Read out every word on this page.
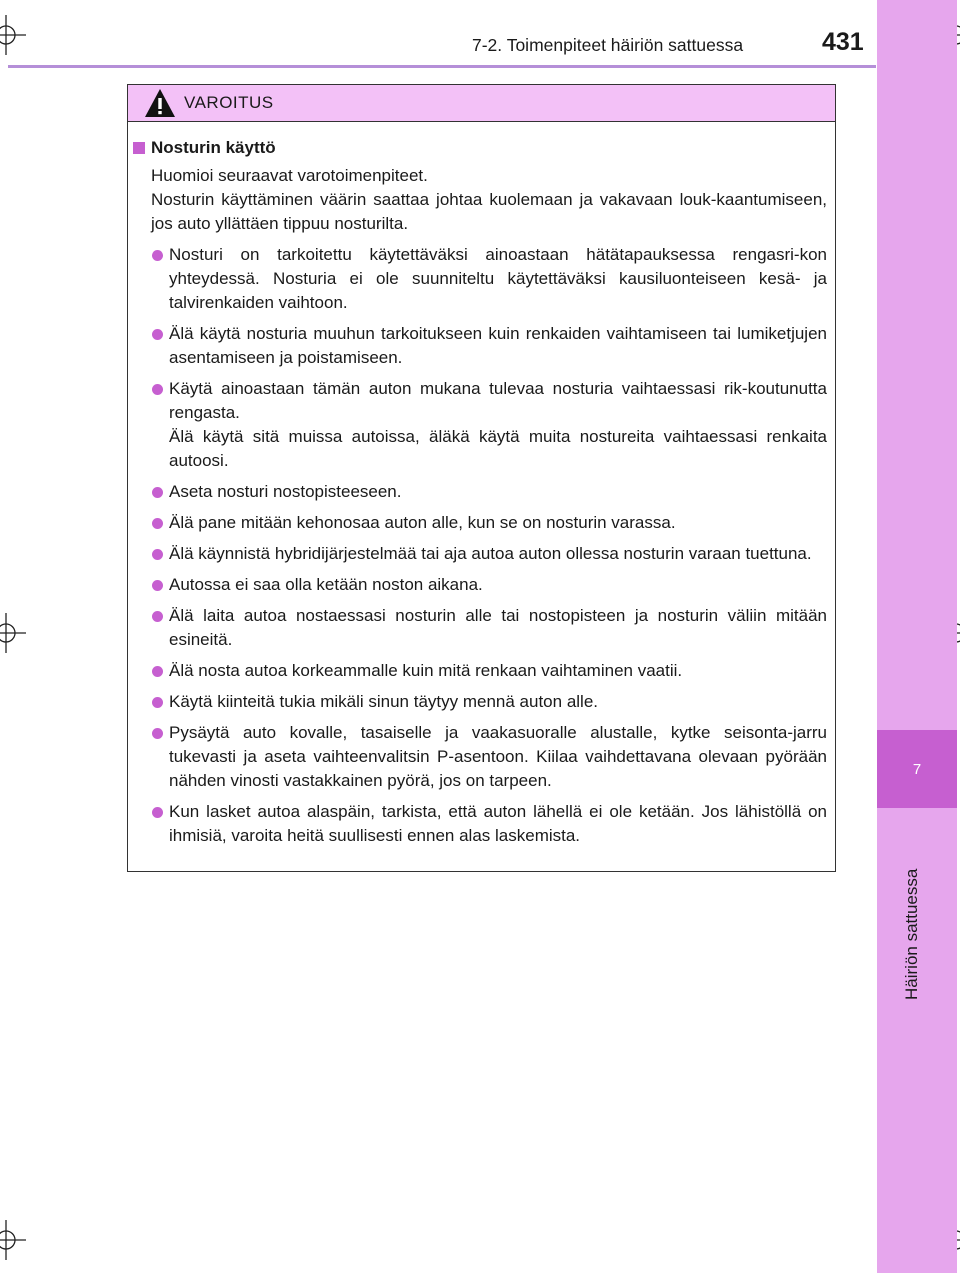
7
Häiriön sattuessa
7-2. Toimenpiteet häiriön sattuessa	431
VAROITUS
Nosturin käyttö

Huomioi seuraavat varotoimenpiteet.

Nosturin käyttäminen väärin saattaa johtaa kuolemaan ja vakavaan louk-kaantumiseen, jos auto yllättäen tippuu nosturilta.

Nosturi on tarkoitettu käytettäväksi ainoastaan hätätapauksessa rengasri-kon yhteydessä. Nosturia ei ole suunniteltu käytettäväksi kausiluonteiseen kesä- ja talvirenkaiden vaihtoon.

Älä käytä nosturia muuhun tarkoitukseen kuin renkaiden vaihtamiseen tai lumiketjujen asentamiseen ja poistamiseen.

Käytä ainoastaan tämän auton mukana tulevaa nosturia vaihtaessasi rik-koutunutta rengasta.

Älä käytä sitä muissa autoissa, äläkä käytä muita nostureita vaihtaessasi renkaita autoosi.

Aseta nosturi nostopisteeseen.

Älä pane mitään kehonosaa auton alle, kun se on nosturin varassa.

Älä käynnistä hybridijärjestelmää tai aja autoa auton ollessa nosturin varaan tuettuna.

Autossa ei saa olla ketään noston aikana.

Älä laita autoa nostaessasi nosturin alle tai nostopisteen ja nosturin väliin mitään esineitä.

Älä nosta autoa korkeammalle kuin mitä renkaan vaihtaminen vaatii.

Käytä kiinteitä tukia mikäli sinun täytyy mennä auton alle.

Pysäytä auto kovalle, tasaiselle ja vaakasuoralle alustalle, kytke seisonta-jarru tukevasti ja aseta vaihteenvalitsin P-asentoon. Kiilaa vaihdettavana olevaan pyörään nähden vinosti vastakkainen pyörä, jos on tarpeen.

Kun lasket autoa alaspäin, tarkista, että auton lähellä ei ole ketään. Jos lähistöllä on ihmisiä, varoita heitä suullisesti ennen alas laskemista.
